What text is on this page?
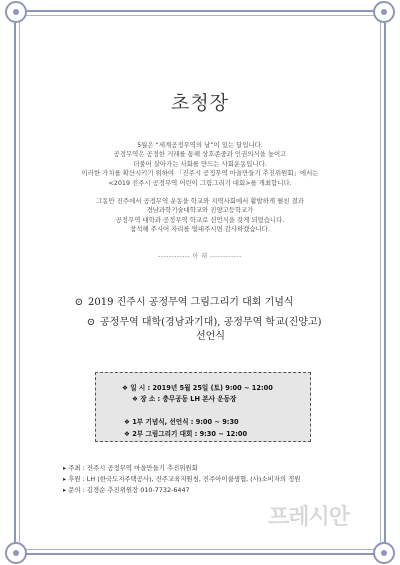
초청장

5월은 “세계공정무역의 날”이 있는 달입니다.

공정무역은 공정한 거래를 통해 상호존중과 인권의식을 높이고

더불어 살아가는 사회를 만드는 사회운동입니다.

이러한 가치를 확산시키기 위하여 「진주시 공정무역 마을만들기 추진위원회」에서는

<2019 진주시 공정무역 어린이 그림그리기 대회>를 개최합니다.

그동안 진주에서 공정무역 운동을 학교와 지역사회에서 활발하게 펼친 결과

경남과학기술대학교와 진양고등학교가

공정무역 대학과 공정무역 학교로 선언식을 갖게 되었습니다.

참석해 주시어 자리를 빛내주시면 감사하겠습니다.

------------ 아 래 ------------
⊙ 2019 진주시 공정무역 그림그리기 대회 기념식
⊙ 공정무역 대학(경남과기대), 공정무역 학교(진양고)
선언식
❖ 일 시 : 2019년 5월 25일 (토) 9:00 ~ 12:00
❖ 장 소 : 충무공동 LH 본사 운동장
❖ 1부 기념식, 선언식 : 9:00 ~ 9:30
❖ 2부 그림그리기 대회 : 9:30 ~ 12:00
▸ 주최 : 진주시 공정무역 마을만들기 추진위원회
▸ 후원 : LH (한국도지주택공사), 진주교육지원청, 진주아이쿱생협, (사)소비자의 정원
▸ 문의 : 김경순 추진위원장 010-7732-6447
프레시안
